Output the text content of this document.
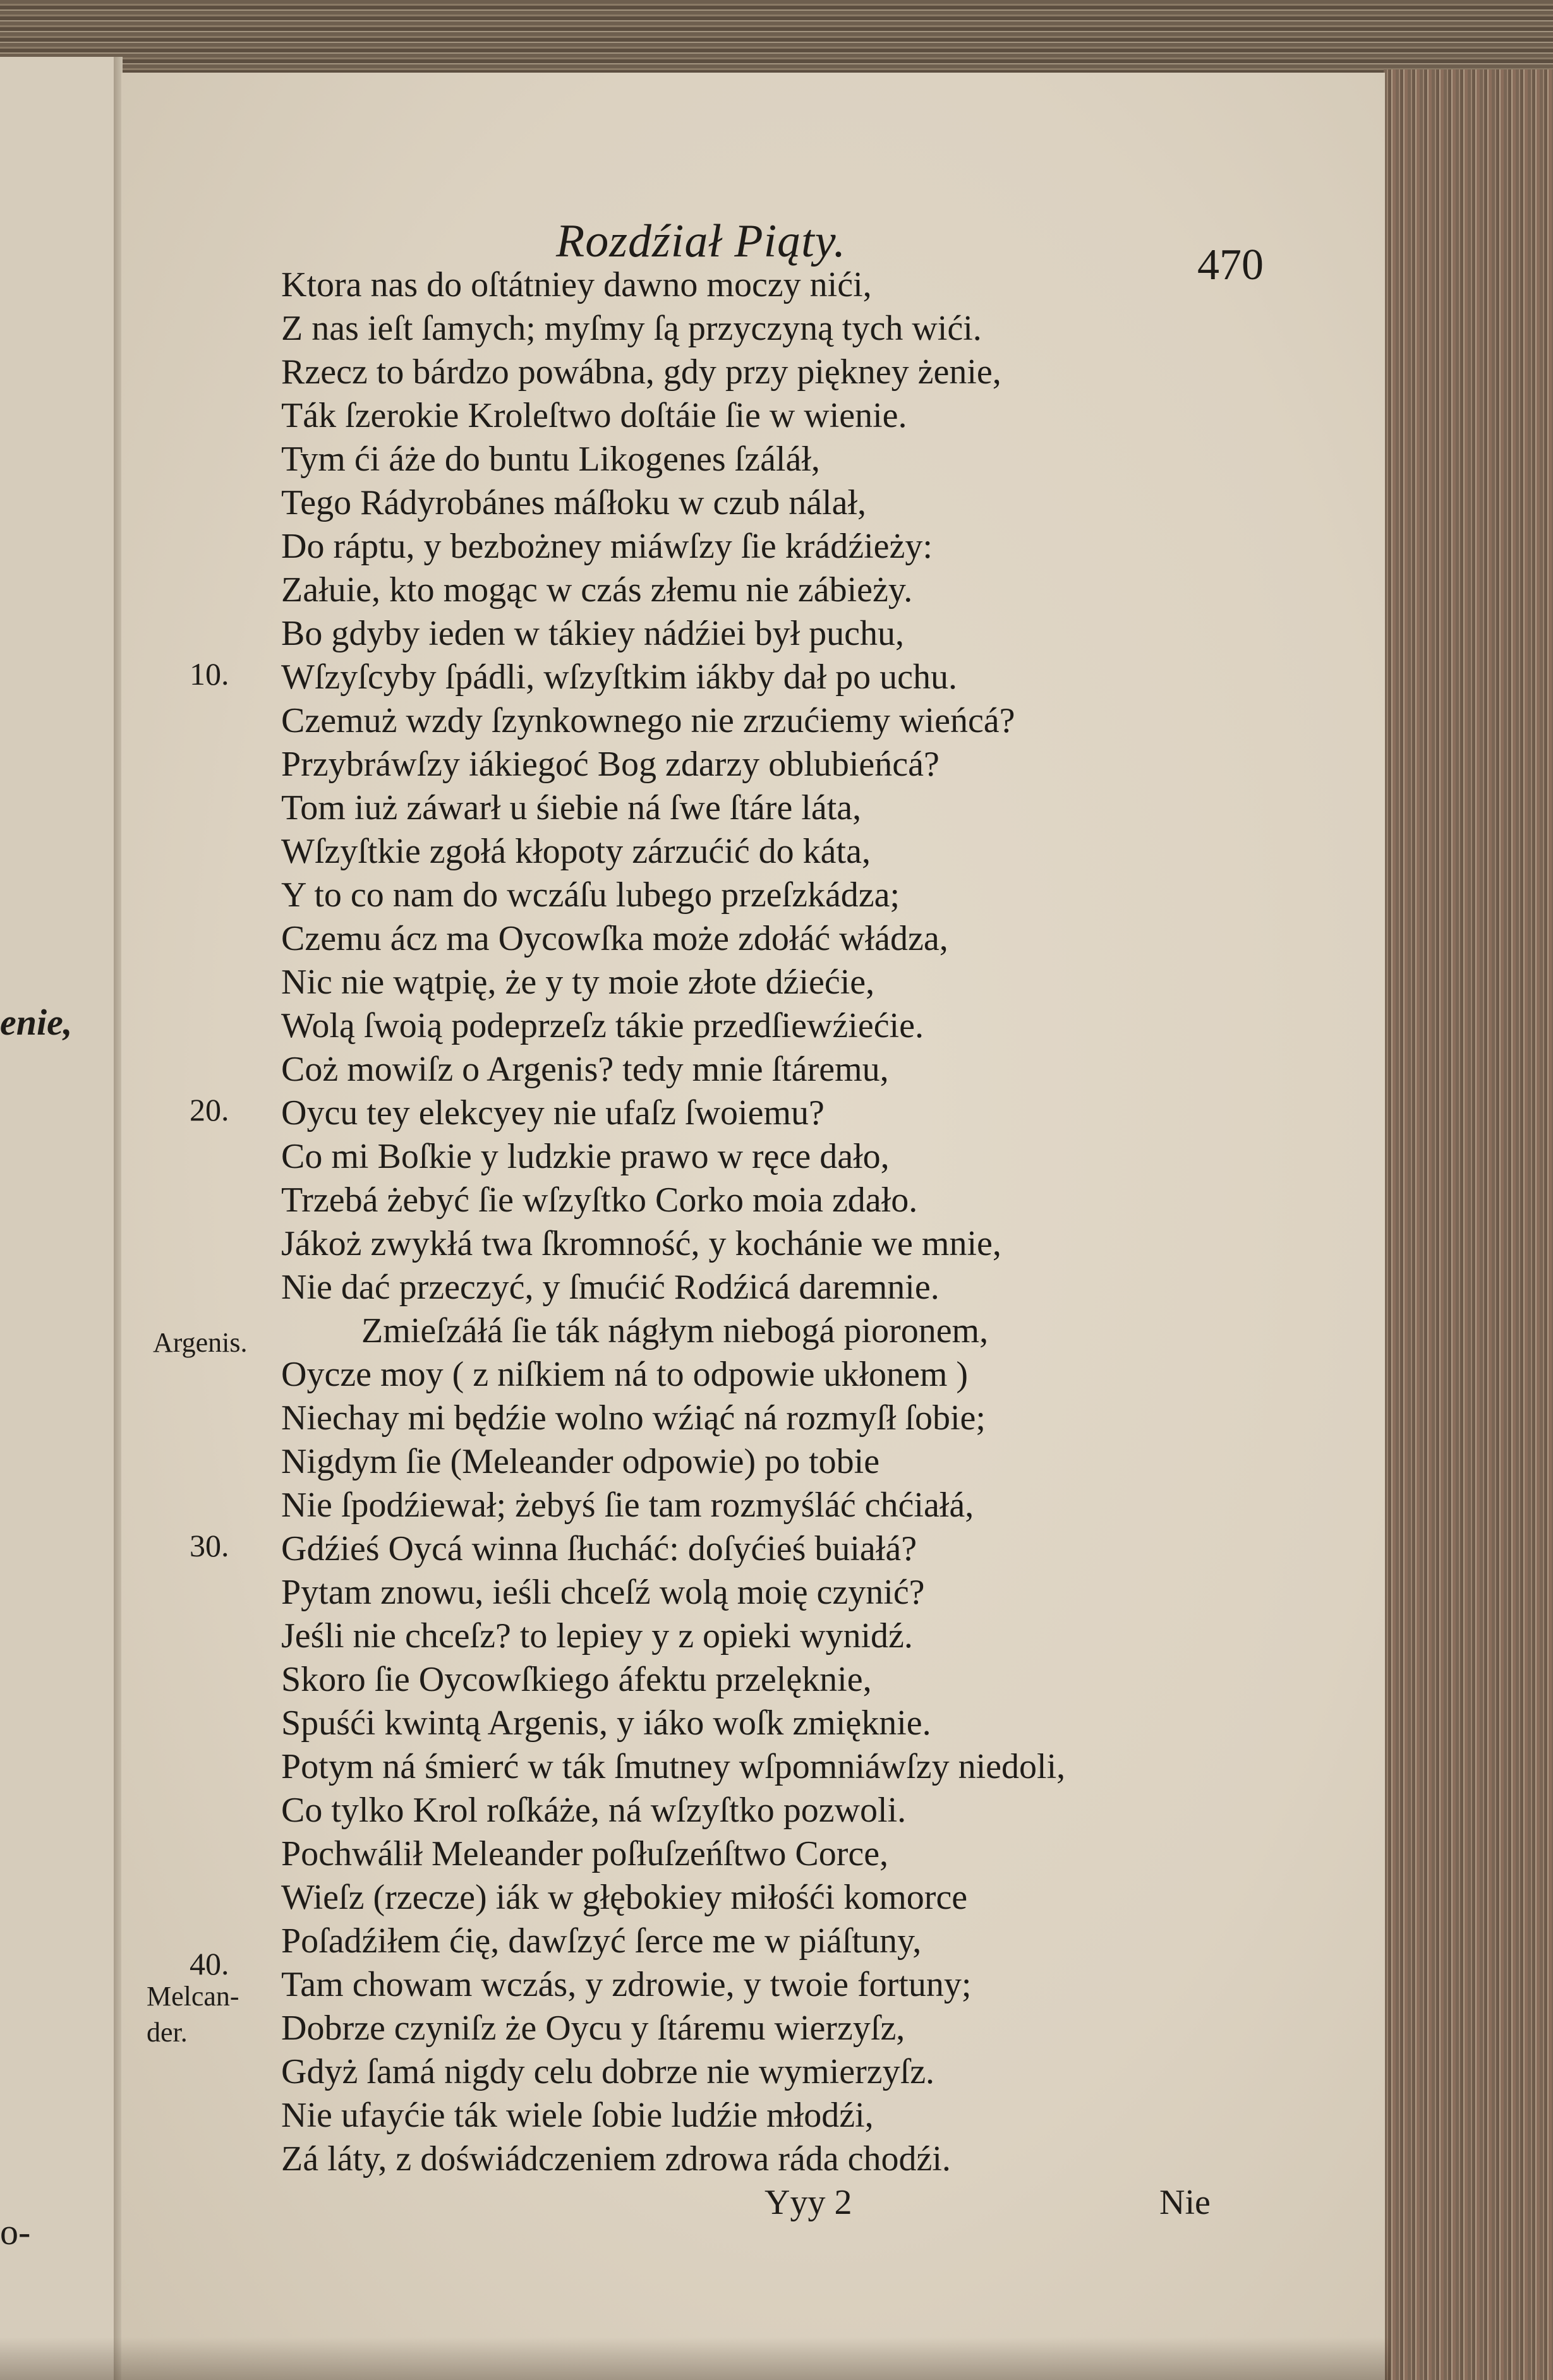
enie,
o-
Rozdźiał Piąty.	470
Ktora nas do oſtátniey dawno moczy nići,
Z nas ieſt ſamych; myſmy ſą przyczyną tych wići.
Rzecz to bárdzo powábna, gdy przy piękney żenie,
Ták ſzerokie Kroleſtwo doſtáie ſie w wienie.
Tym ći áże do buntu Likogenes ſzáláł,
Tego Rádyrobánes máſłoku w czub nálał,
Do ráptu, y bezbożney miáwſzy ſie krádźieży:
Załuie, kto mogąc w czás złemu nie zábieży.
Bo gdyby ieden w tákiey nádźiei był puchu,
Wſzyſcyby ſpádli, wſzyſtkim iákby dał po uchu.
Czemuż wzdy ſzynkownego nie zrzućiemy wieńcá?
Przybráwſzy iákiegoć Bog zdarzy oblubieńcá?
Tom iuż záwarł u śiebie ná ſwe ſtáre láta,
Wſzyſtkie zgołá kłopoty zárzućić do káta,
Y to co nam do wczáſu lubego przeſzkádza;
Czemu ácz ma Oycowſka może zdołáć włádza,
Nic nie wątpię, że y ty moie złote dźiećie,
Wolą ſwoią podeprzeſz tákie przedſiewźiećie.
Coż mowiſz o Argenis? tedy mnie ſtáremu,
Oycu tey elekcyey nie ufaſz ſwoiemu?
Co mi Boſkie y ludzkie prawo w ręce dało,
Trzebá żebyć ſie wſzyſtko Corko moia zdało.
Jákoż zwykłá twa ſkromność, y kochánie we mnie,
Nie dać przeczyć, y ſmućić Rodźicá daremnie.
Zmieſzáłá ſie ták nágłym niebogá pioronem,
Oycze moy ( z niſkiem ná to odpowie ukłonem )
Niechay mi będźie wolno wźiąć ná rozmyſł ſobie;
Nigdym ſie (Meleander odpowie) po tobie
Nie ſpodźiewał; żebyś ſie tam rozmyśláć chćiałá,
Gdźieś Oycá winna ſłucháć: doſyćieś buiałá?
Pytam znowu, ieśli chceſź wolą moię czynić?
Jeśli nie chceſz? to lepiey y z opieki wynidź.
Skoro ſie Oycowſkiego áfektu przelęknie,
Spuśći kwintą Argenis, y iáko woſk zmięknie.
Potym ná śmierć w ták ſmutney wſpomniáwſzy niedoli,
Co tylko Krol roſkáże, ná wſzyſtko pozwoli.
Pochwálił Meleander poſłuſzeńſtwo Corce,
Wieſz (rzecze) iák w głębokiey miłośći komorce
Poſadźiłem ćię, dawſzyć ſerce me w piáſtuny,
Tam chowam wczás, y zdrowie, y twoie fortuny;
Dobrze czyniſz że Oycu y ſtáremu wierzyſz,
Gdyż ſamá nigdy celu dobrze nie wymierzyſz.
Nie ufayćie ták wiele ſobie ludźie młodźi,
Zá láty, z doświádczeniem zdrowa ráda chodźi.
10.
20.
30.
40.
Argenis.
Melcan-
der.
Yyy 2	Nie
